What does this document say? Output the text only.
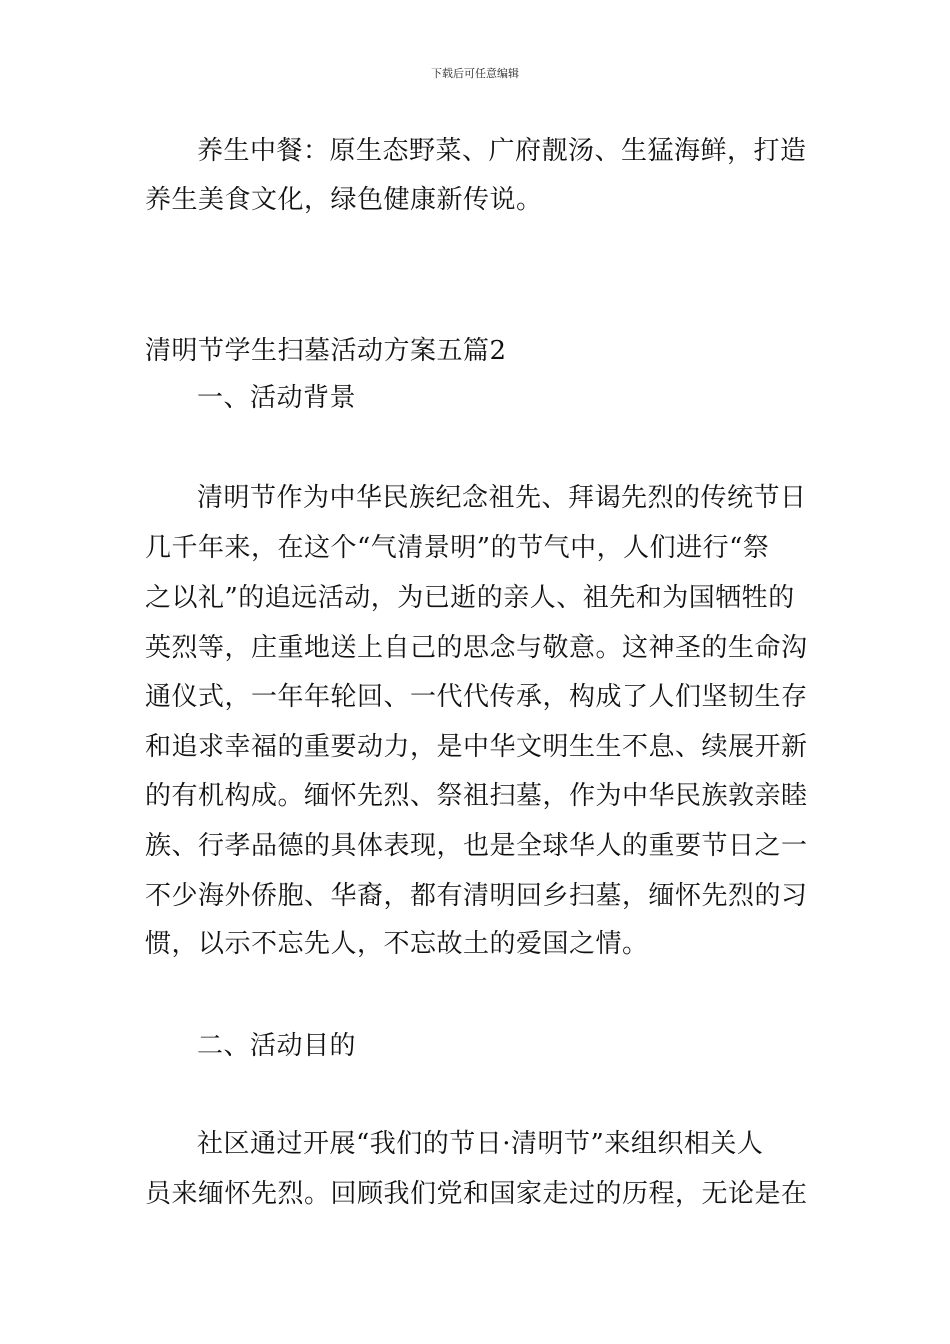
下载后可任意编辑
养生中餐：原生态野菜、广府靓汤、生猛海鲜，打造
养生美食文化，绿色健康新传说。
清明节学生扫墓活动方案五篇2
一、活动背景
清明节作为中华民族纪念祖先、拜谒先烈的传统节日
几千年来，在这个“气清景明”的节气中，人们进行“祭
之以礼”的追远活动，为已逝的亲人、祖先和为国牺牲的
英烈等，庄重地送上自己的思念与敬意。这神圣的生命沟
通仪式，一年年轮回、一代代传承，构成了人们坚韧生存
和追求幸福的重要动力，是中华文明生生不息、续展开新
的有机构成。缅怀先烈、祭祖扫墓，作为中华民族敦亲睦
族、行孝品德的具体表现，也是全球华人的重要节日之一
不少海外侨胞、华裔，都有清明回乡扫墓，缅怀先烈的习
惯，以示不忘先人，不忘故土的爱国之情。
二、活动目的
社区通过开展“我们的节日·清明节”来组织相关人
员来缅怀先烈。回顾我们党和国家走过的历程，无论是在
